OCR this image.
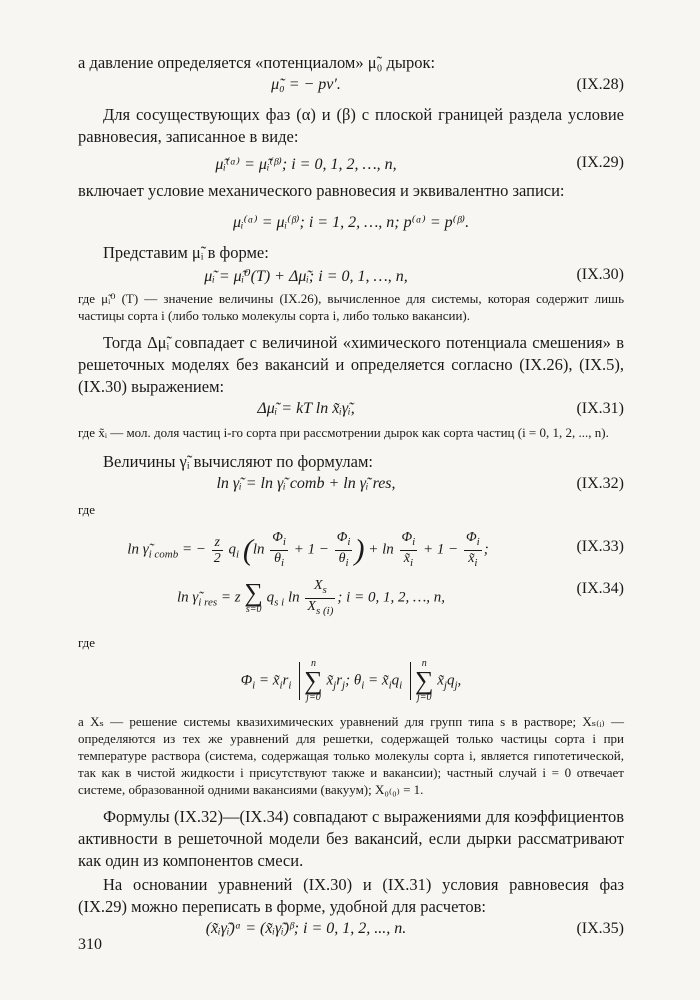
а давление определяется «потенциалом» μ̃₀ дырок:

μ̃₀ = − pv′.	(IX.28)

Для сосуществующих фаз (α) и (β) с плоской границей раздела условие равновесия, записанное в виде:

μ̃ᵢ⁽ᵅ⁾ = μ̃ᵢ⁽ᵝ⁾; i = 0, 1, 2, …, n,	(IX.29)

включает условие механического равновесия и эквивалентно записи:

μᵢ⁽ᵅ⁾ = μᵢ⁽ᵝ⁾; i = 1, 2, …, n; p⁽ᵅ⁾ = p⁽ᵝ⁾.

Представим μ̃ᵢ в форме:

μ̃ᵢ = μ̃ᵢ⁰(T) + Δμ̃ᵢ; i = 0, 1, …, n,	(IX.30)

где μ̃ᵢ⁰ (T) — значение величины (IX.26), вычисленное для системы, которая содержит лишь частицы сорта i (либо только молекулы сорта i, либо только вакансии).

Тогда Δμ̃ᵢ совпадает с величиной «химического потенциала смешения» в решеточных моделях без вакансий и определяется согласно (IX.26), (IX.5), (IX.30) выражением:

Δμ̃ᵢ = kT ln x̃ᵢγ̃ᵢ,	(IX.31)

где x̃ᵢ — мол. доля частиц i-го сорта при рассмотрении дырок как сорта частиц (i = 0, 1, 2, ..., n).

Величины γ̃ᵢ вычисляют по формулам:

ln γ̃ᵢ = ln γ̃ᵢ comb + ln γ̃ᵢ res,	(IX.32)

где

$\ln \gammã_{i comb}$ = − $\frac{z}{2} q_i$ ($\ln \frac{\Phi_i}{\theta_i} + 1 - \frac{\Phi_i}{\theta_i}$ ) + $\ln \frac{\Phi_i}{x̃_i} + 1 - \frac{\Phi_i}{x̃_i}$ ;	(IX.33)
$\ln \gammã_{i res} = z$ ∑
s=0 $q_{s i}$ $\ln \frac{X_s}{X_{s (i)}}$ ; i = 0, 1, 2, …, n,
(IX.34)

где

$\Phi_i$ = $x̃_ir_i$
n
∑
j=0 $x̃_jr_j$; $\theta_i$ = $x̃_iq_i$
n
∑
j=0 $x̃_jq_j$,

а Xₛ — решение системы квазихимических уравнений для групп типа s в растворе; Xₛ₍ᵢ₎ — определяются из тех же уравнений для решетки, содержащей только частицы сорта i при температуре раствора (система, содержащая только молекулы сорта i, является гипотетической, так как в чистой жидкости i присутствуют также и вакансии); частный случай i = 0 отвечает системе, образованной одними вакансиями (вакуум); X₀₍₀₎ = 1.

Формулы (IX.32)—(IX.34) совпадают с выражениями для коэффициентов активности в решеточной модели без вакансий, если дырки рассматривают как один из компонентов смеси.

На основании уравнений (IX.30) и (IX.31) условия равновесия фаз (IX.29) можно переписать в форме, удобной для расчетов:

(x̃ᵢγ̃ᵢ)ᵅ = (x̃ᵢγ̃ᵢ)ᵝ; i = 0, 1, 2, ..., n.	(IX.35)
310
